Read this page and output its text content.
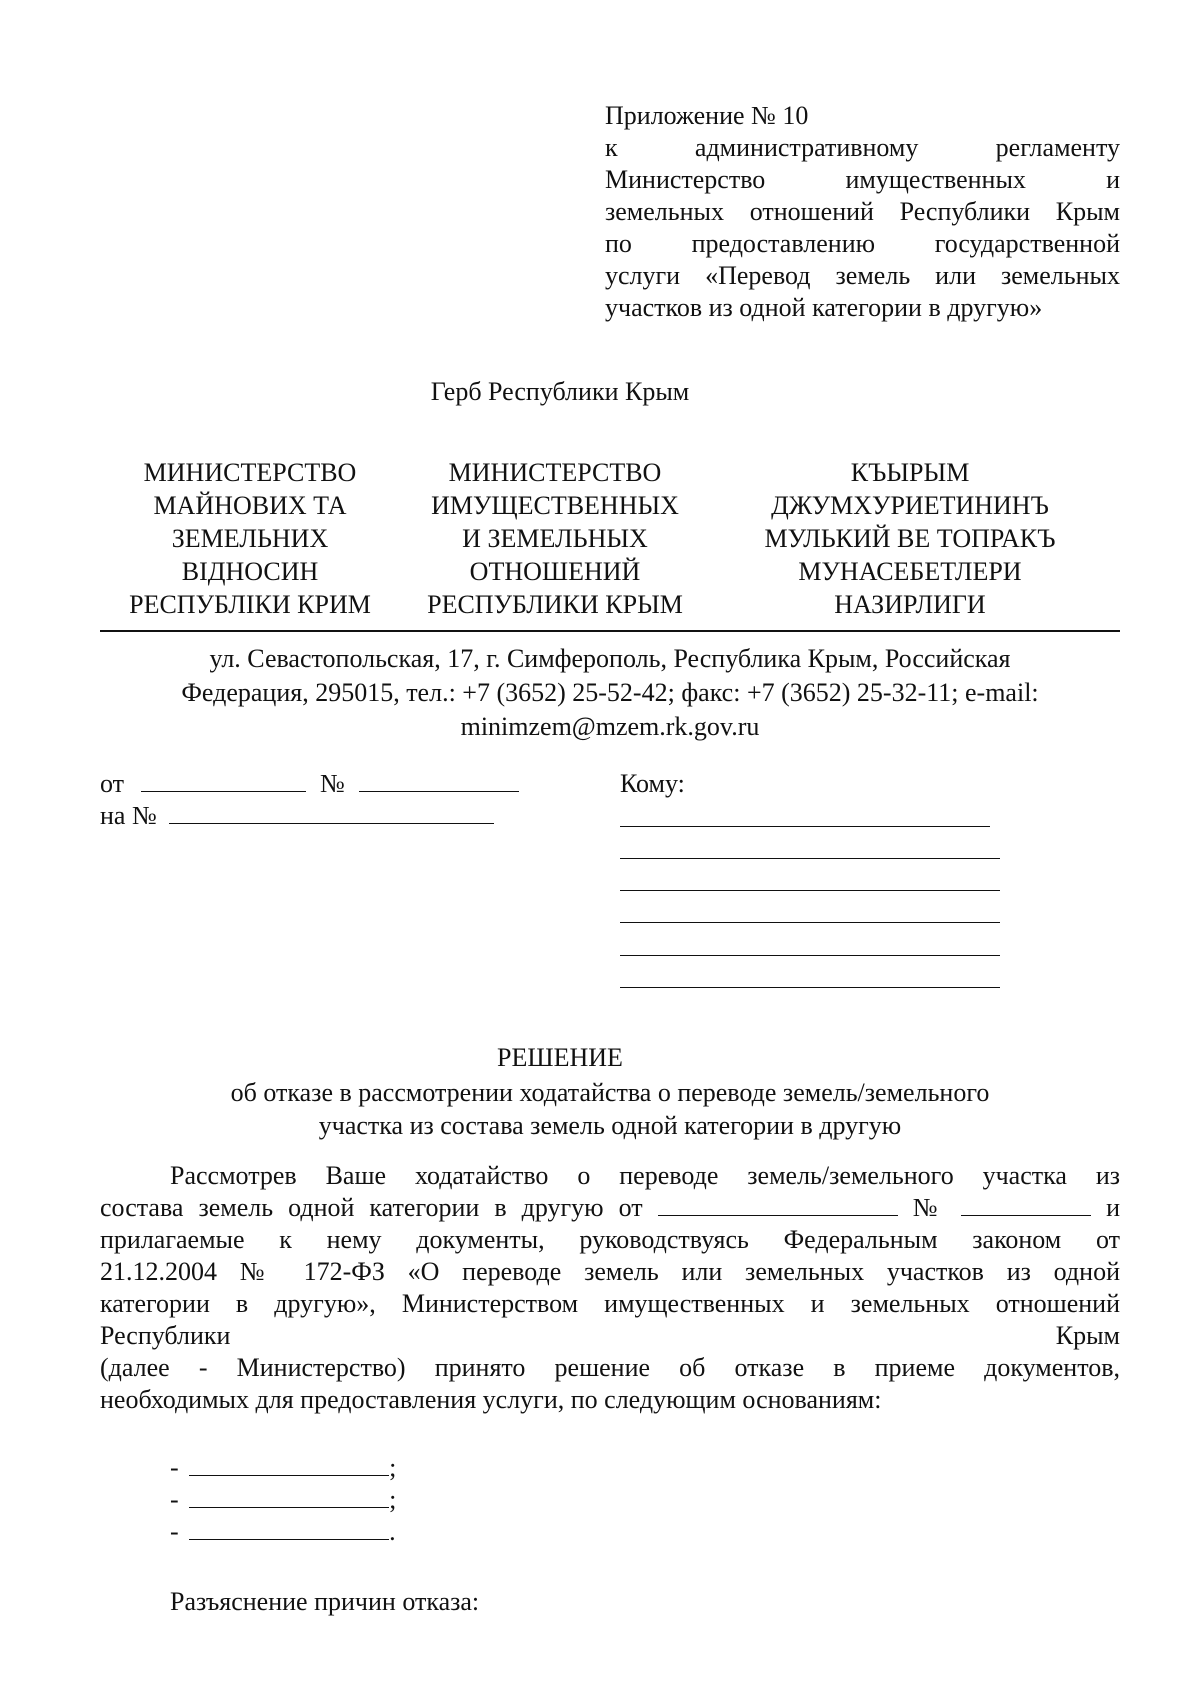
Приложение № 10
к административному регламенту
Министерство имущественных и
земельных отношений Республики Крым
по предоставлению государственной
услуги «Перевод земель или земельных
участков из одной категории в другую»
Герб Республики Крым
МИНИСТЕРСТВО
МАЙНОВИХ ТА
ЗЕМЕЛЬНИХ
ВІДНОСИН
РЕСПУБЛІКИ КРИМ
МИНИСТЕРСТВО
ИМУЩЕСТВЕННЫХ
И ЗЕМЕЛЬНЫХ
ОТНОШЕНИЙ
РЕСПУБЛИКИ КРЫМ
КЪЫРЫМ
ДЖУМХУРИЕТИНИНЪ
МУЛЬКИЙ ВЕ ТОПРАКЪ
МУНАСЕБЕТЛЕРИ
НАЗИРЛИГИ
ул. Севастопольская, 17, г. Симферополь, Республика Крым, Российская
Федерация, 295015, тел.: +7 (3652) 25-52-42; факс: +7 (3652) 25-32-11; e-mail:
minimzem@mzem.rk.gov.ru
от	№
на №
Кому:
РЕШЕНИЕ
об отказе в рассмотрении ходатайства о переводе земель/земельного
участка из состава земель одной категории в другую
Рассмотрев Ваше ходатайство о переводе земель/земельного участка из
состава земель одной категории в другую от	№	и
прилагаемые к нему документы, руководствуясь Федеральным законом от
21.12.2004 № 172-ФЗ «О переводе земель или земельных участков из одной
категории в другую», Министерством имущественных и земельных отношений
Республики	Крым
(далее - Министерство) принято решение об отказе в приеме документов,
необходимых для предоставления услуги, по следующим основаниям:
-	;
-	;
-	.
Разъяснение причин отказа:
